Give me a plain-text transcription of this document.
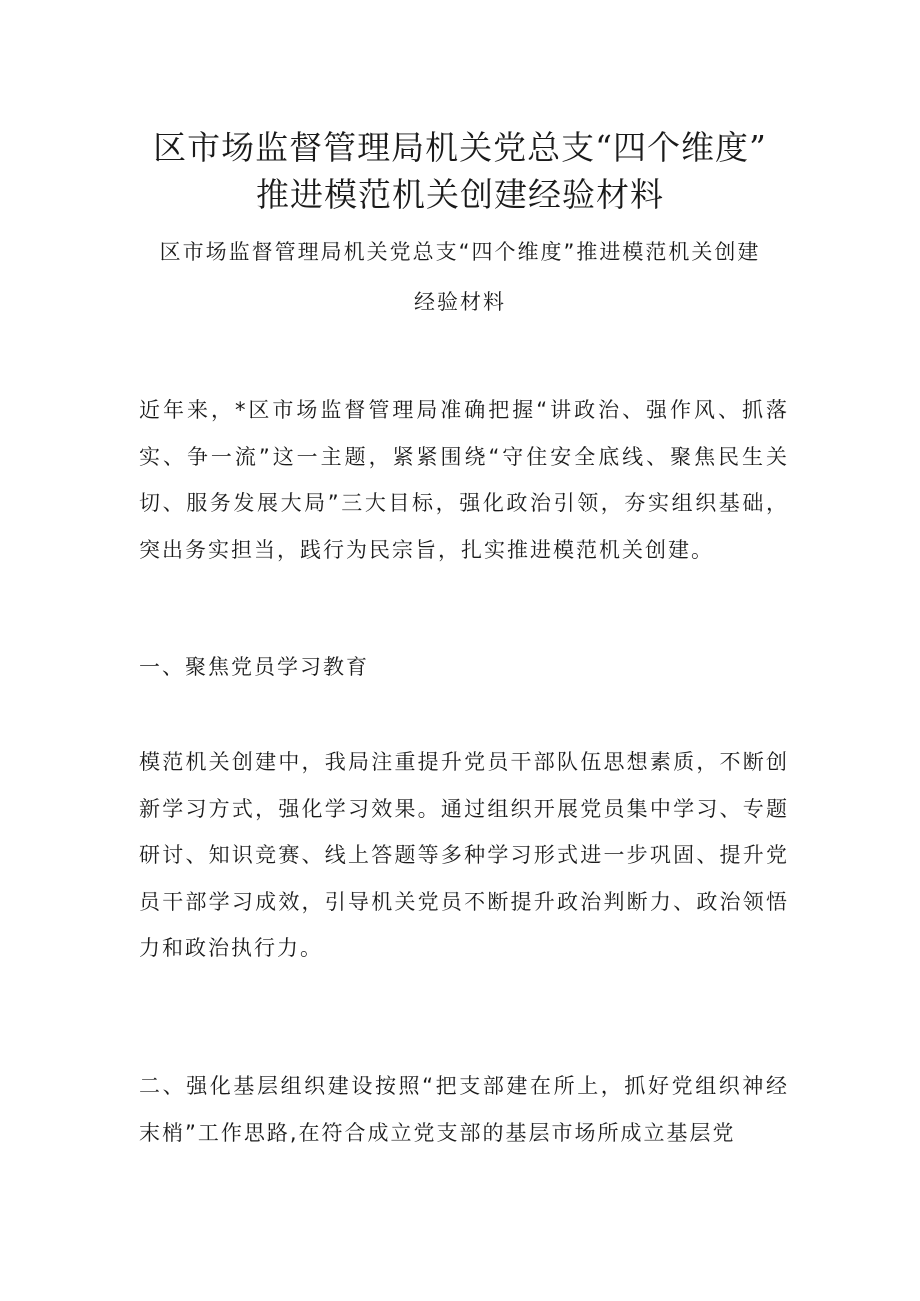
区市场监督管理局机关党总支“四个维度”
推进模范机关创建经验材料
区市场监督管理局机关党总支“四个维度”推进模范机关创建
经验材料

近年来，*区市场监督管理局准确把握“讲政治、强作风、抓落实、争一流”这一主题，紧紧围绕“守住安全底线、聚焦民生关切、服务发展大局”三大目标，强化政治引领，夯实组织基础，突出务实担当，践行为民宗旨，扎实推进模范机关创建。

一、聚焦党员学习教育

模范机关创建中，我局注重提升党员干部队伍思想素质，不断创新学习方式，强化学习效果。通过组织开展党员集中学习、专题研讨、知识竞赛、线上答题等多种学习形式进一步巩固、提升党员干部学习成效，引导机关党员不断提升政治判断力、政治领悟力和政治执行力。

二、强化基层组织建设按照“把支部建在所上，抓好党组织神经末梢”工作思路,在符合成立党支部的基层市场所成立基层党
